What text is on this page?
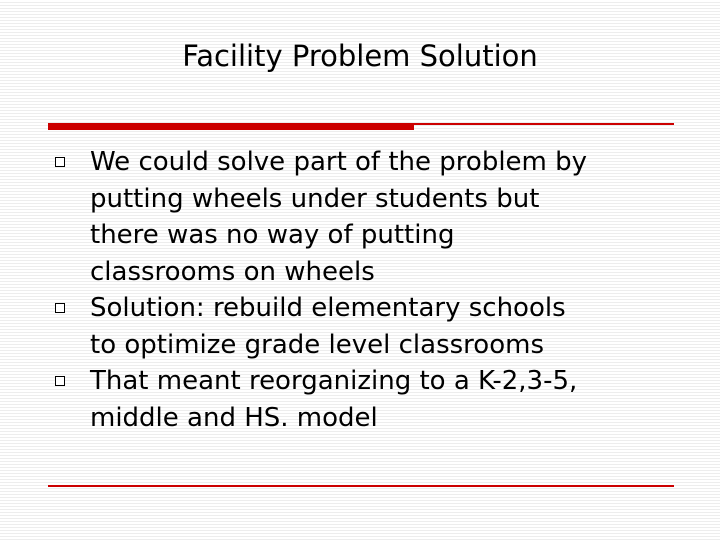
Facility Problem Solution
We could solve part of the problem by
putting wheels under students but
there was no way of putting
classrooms on wheels
Solution: rebuild elementary schools
to optimize grade level classrooms
That meant reorganizing to a K-2,3-5,
middle and HS. model
